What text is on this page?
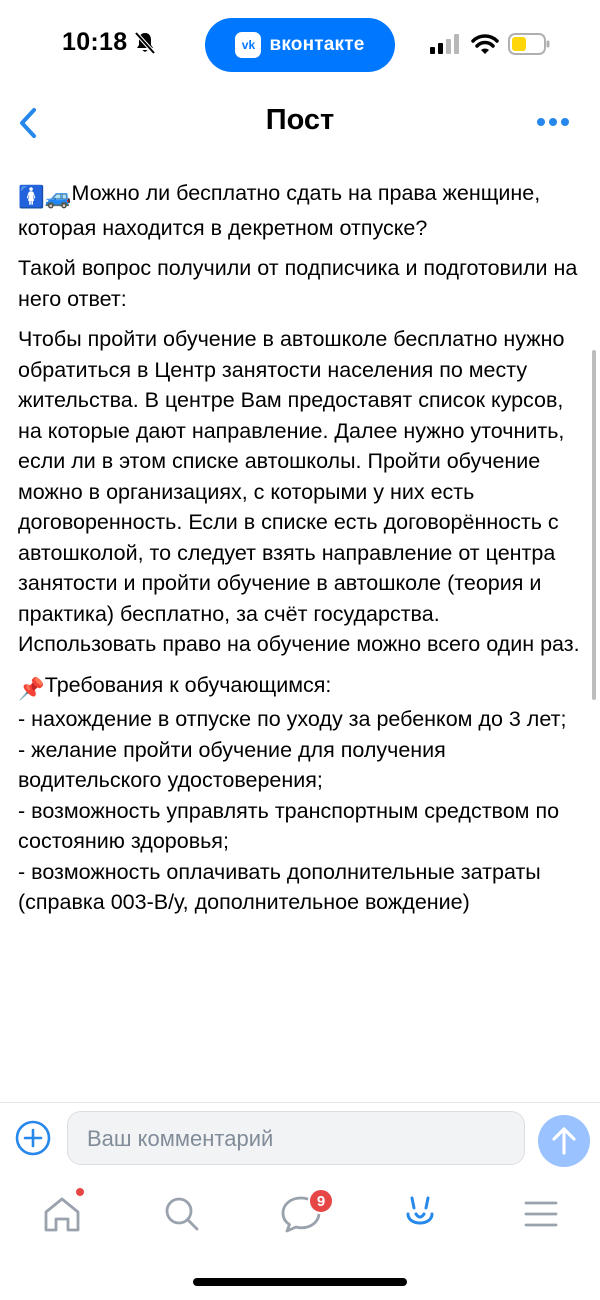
10:18	vk вконтакте
Пост

🚺🚙Можно ли бесплатно сдать на права женщине, которая находится в декретном отпуске?

Такой вопрос получили от подписчика и подготовили на него ответ:

Чтобы пройти обучение в автошколе бесплатно нужно обратиться в Центр занятости населения по месту жительства. В центре Вам предоставят список курсов, на которые дают направление. Далее нужно уточнить, если ли в этом списке автошколы. Пройти обучение можно в организациях, с которыми у них есть договоренность. Если в списке есть договорённость с автошколой, то следует взять направление от центра занятости и пройти обучение в автошколе (теория и практика) бесплатно, за счёт государства.
Использовать право на обучение можно всего один раз.

📌Требования к обучающимся:
- нахождение в отпуске по уходу за ребенком до 3 лет;
- желание пройти обучение для получения водительского удостоверения;
- возможность управлять транспортным средством по состоянию здоровья;
- возможность оплачивать дополнительные затраты (справка 003-В/у, дополнительное вождение)

Ваш комментарий
9
